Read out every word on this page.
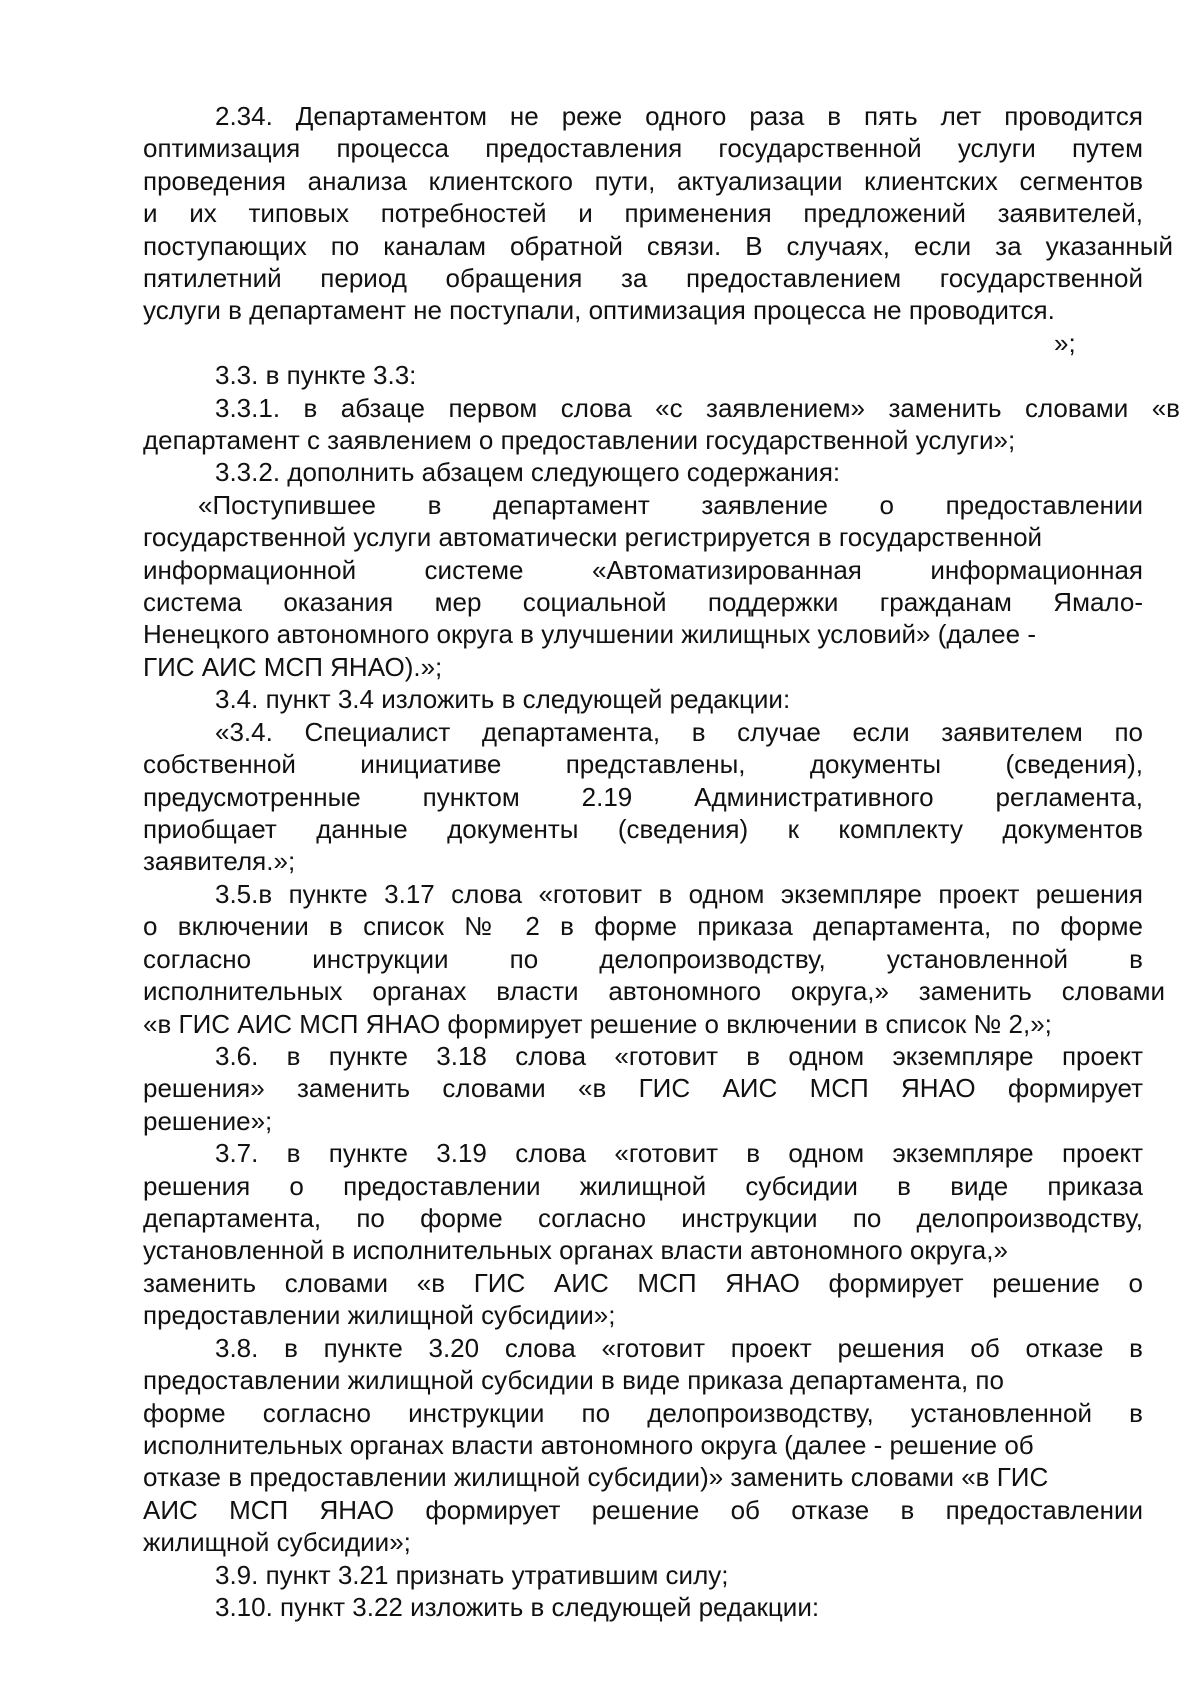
2.34. Департаментом не реже одного раза в пять лет проводится
оптимизация процесса предоставления государственной услуги путем
проведения анализа клиентского пути, актуализации клиентских сегментов
и их типовых потребностей и применения предложений заявителей,
поступающих по каналам обратной связи. В случаях, если за указанный
пятилетний период обращения за предоставлением государственной
услуги в департамент не поступали, оптимизация процесса не проводится.
»;
3.3. в пункте 3.3:
3.3.1. в абзаце первом слова «с заявлением» заменить словами «в
департамент с заявлением о предоставлении государственной услуги»;
3.3.2. дополнить абзацем следующего содержания:
«Поступившее в департамент заявление о предоставлении
государственной услуги автоматически регистрируется в государственной
информационной системе «Автоматизированная информационная
система оказания мер социальной поддержки гражданам Ямало-
Ненецкого автономного округа в улучшении жилищных условий» (далее -
ГИС АИС МСП ЯНАО).»;
3.4. пункт 3.4 изложить в следующей редакции:
«3.4. Специалист департамента, в случае если заявителем по
собственной инициативе представлены, документы (сведения),
предусмотренные пунктом 2.19 Административного регламента,
приобщает данные документы (сведения) к комплекту документов
заявителя.»;
3.5.в пункте 3.17 слова «готовит в одном экземпляре проект решения
о включении в список № 2 в форме приказа департамента, по форме
согласно инструкции по делопроизводству, установленной в
исполнительных органах власти автономного округа,» заменить словами
«в ГИС АИС МСП ЯНАО формирует решение о включении в список № 2,»;
3.6. в пункте 3.18 слова «готовит в одном экземпляре проект
решения» заменить словами «в ГИС АИС МСП ЯНАО формирует
решение»;
3.7. в пункте 3.19 слова «готовит в одном экземпляре проект
решения о предоставлении жилищной субсидии в виде приказа
департамента, по форме согласно инструкции по делопроизводству,
установленной в исполнительных органах власти автономного округа,»
заменить словами «в ГИС АИС МСП ЯНАО формирует решение о
предоставлении жилищной субсидии»;
3.8. в пункте 3.20 слова «готовит проект решения об отказе в
предоставлении жилищной субсидии в виде приказа департамента, по
форме согласно инструкции по делопроизводству, установленной в
исполнительных органах власти автономного округа (далее - решение об
отказе в предоставлении жилищной субсидии)» заменить словами «в ГИС
АИС МСП ЯНАО формирует решение об отказе в предоставлении
жилищной субсидии»;
3.9. пункт 3.21 признать утратившим силу;
3.10. пункт 3.22 изложить в следующей редакции:
